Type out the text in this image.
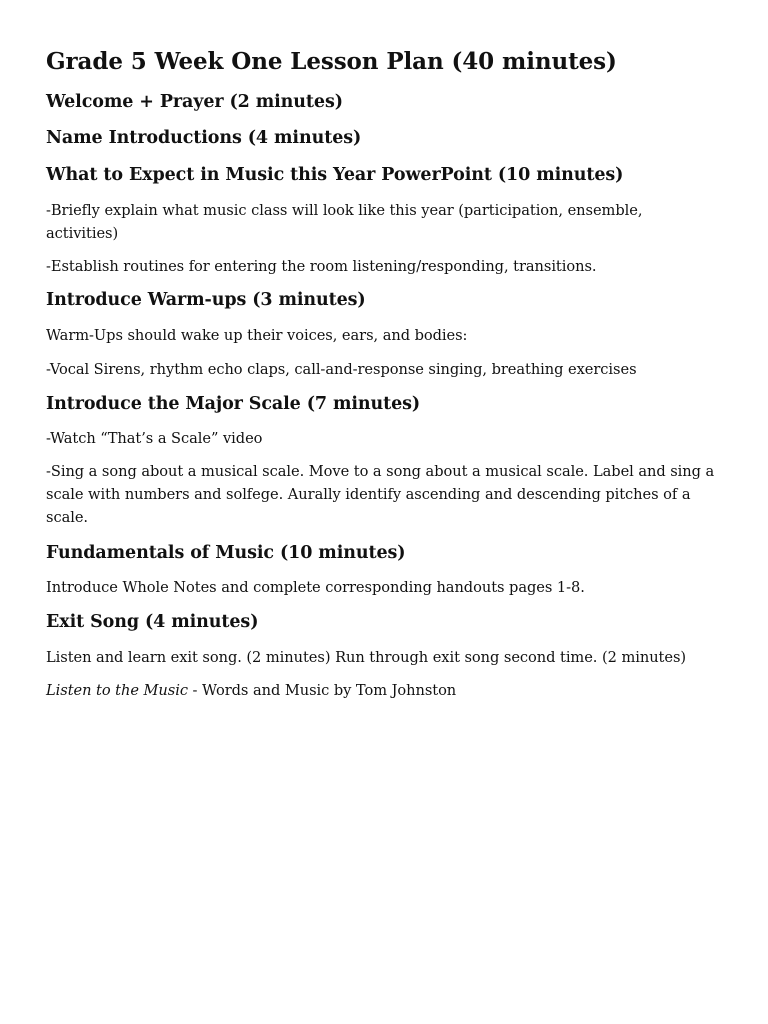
Grade 5 Week One Lesson Plan (40 minutes)
Welcome + Prayer (2 minutes)
Name Introductions (4 minutes)
What to Expect in Music this Year PowerPoint (10 minutes)

-Briefly explain what music class will look like this year (participation, ensemble, activities)

-Establish routines for entering the room listening/responding, transitions.

Introduce Warm-ups (3 minutes)

Warm-Ups should wake up their voices, ears, and bodies:

-Vocal Sirens, rhythm echo claps, call-and-response singing, breathing exercises

Introduce the Major Scale (7 minutes)

-Watch “That’s a Scale” video

-Sing a song about a musical scale. Move to a song about a musical scale. Label and sing a scale with numbers and solfege. Aurally identify ascending and descending pitches of a scale.

Fundamentals of Music (10 minutes)

Introduce Whole Notes and complete corresponding handouts pages 1-8.

Exit Song (4 minutes)

Listen and learn exit song. (2 minutes) Run through exit song second time. (2 minutes)

Listen to the Music - Words and Music by Tom Johnston
